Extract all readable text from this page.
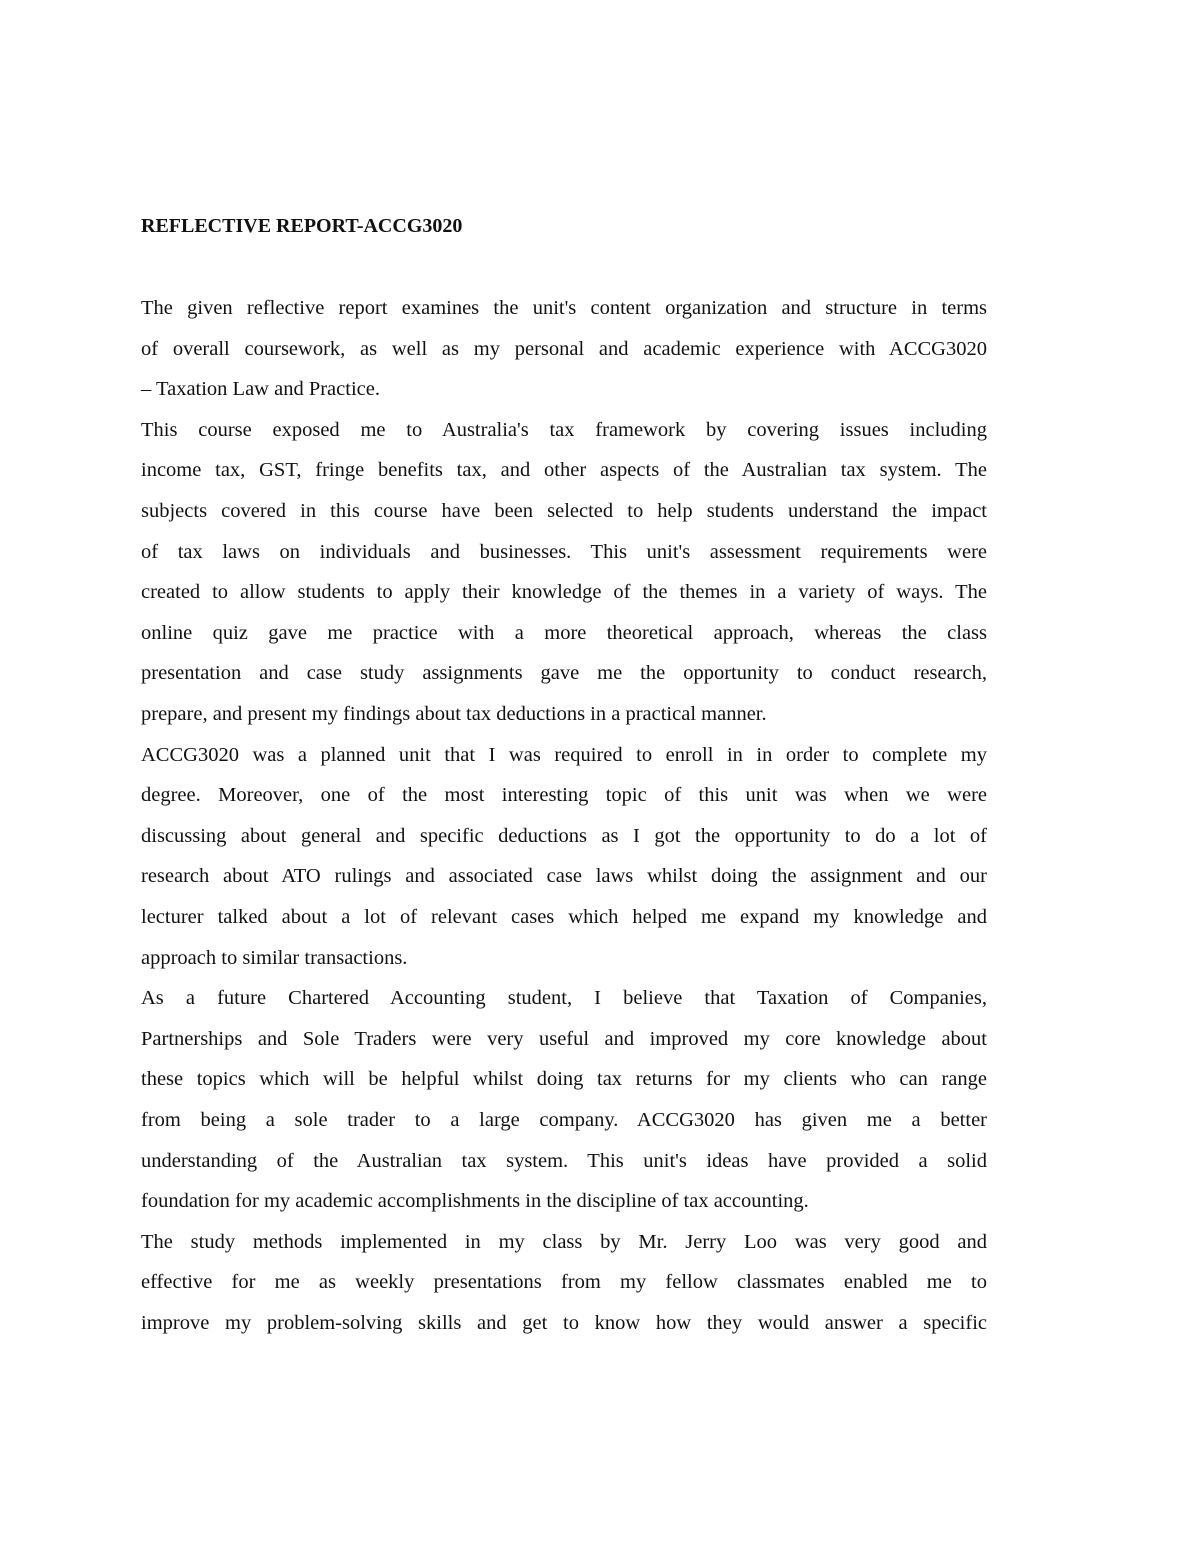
REFLECTIVE REPORT-ACCG3020
The given reflective report examines the unit's content organization and structure in terms
of overall coursework, as well as my personal and academic experience with ACCG3020
– Taxation Law and Practice.
This course exposed me to Australia's tax framework by covering issues including
income tax, GST, fringe benefits tax, and other aspects of the Australian tax system. The
subjects covered in this course have been selected to help students understand the impact
of tax laws on individuals and businesses. This unit's assessment requirements were
created to allow students to apply their knowledge of the themes in a variety of ways. The
online quiz gave me practice with a more theoretical approach, whereas the class
presentation and case study assignments gave me the opportunity to conduct research,
prepare, and present my findings about tax deductions in a practical manner.
ACCG3020 was a planned unit that I was required to enroll in in order to complete my
degree. Moreover, one of the most interesting topic of this unit was when we were
discussing about general and specific deductions as I got the opportunity to do a lot of
research about ATO rulings and associated case laws whilst doing the assignment and our
lecturer talked about a lot of relevant cases which helped me expand my knowledge and
approach to similar transactions.
As a future Chartered Accounting student, I believe that Taxation of Companies,
Partnerships and Sole Traders were very useful and improved my core knowledge about
these topics which will be helpful whilst doing tax returns for my clients who can range
from being a sole trader to a large company. ACCG3020 has given me a better
understanding of the Australian tax system. This unit's ideas have provided a solid
foundation for my academic accomplishments in the discipline of tax accounting.
The study methods implemented in my class by Mr. Jerry Loo was very good and
effective for me as weekly presentations from my fellow classmates enabled me to
improve my problem-solving skills and get to know how they would answer a specific
